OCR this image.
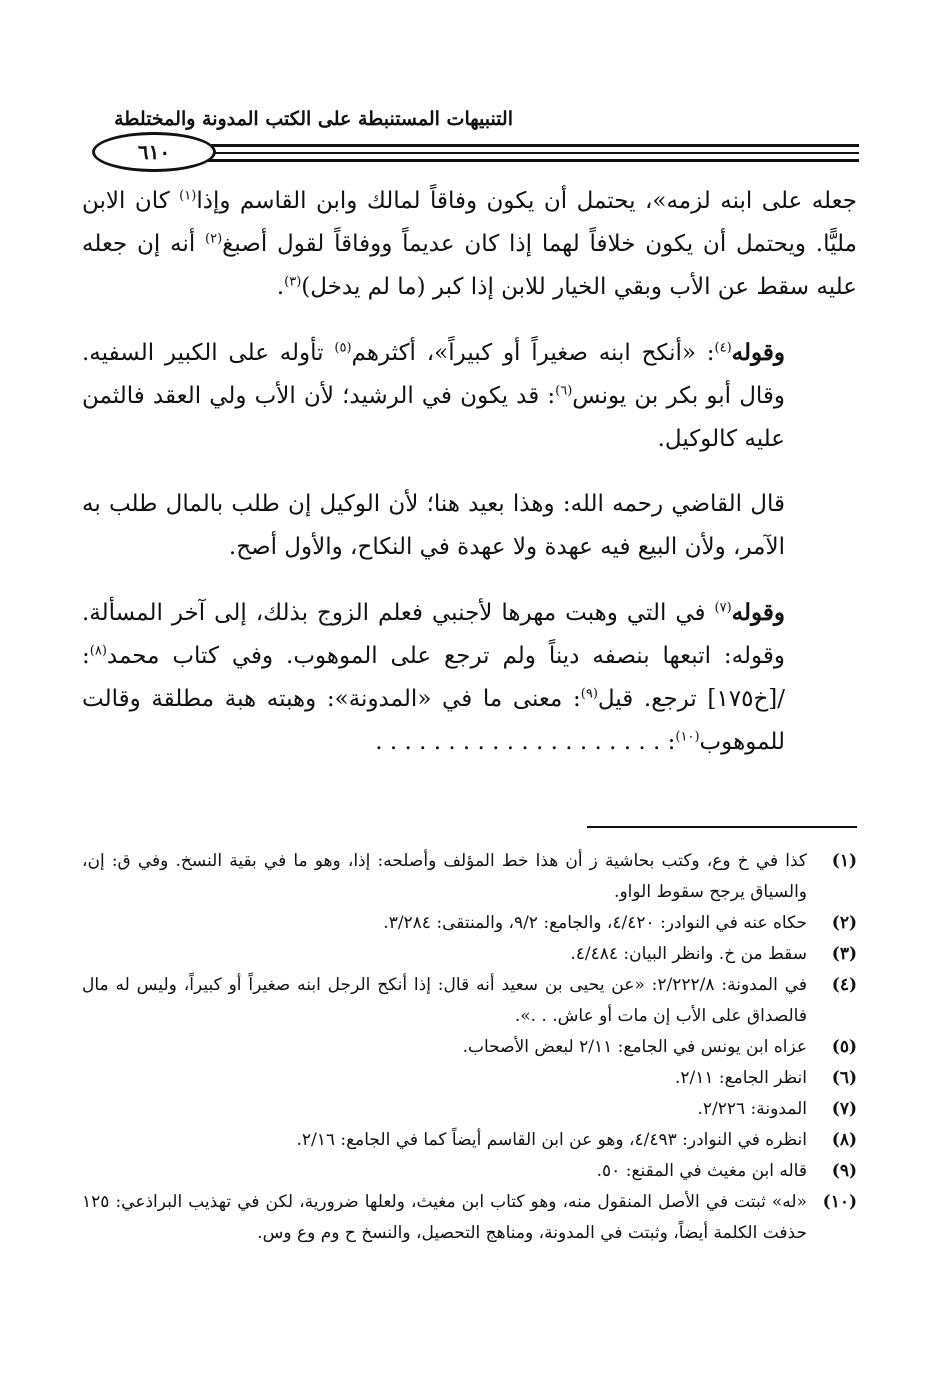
التنبيهات المستنبطة على الكتب المدونة والمختلطة
٦١٠

جعله على ابنه لزمه»، يحتمل أن يكون وفاقاً لمالك وابن القاسم وإذا$^{(١)}$ كان الابن مليًّا. ويحتمل أن يكون خلافاً لهما إذا كان عديماً ووفاقاً لقول أصبغ$^{(٢)}$ أنه إن جعله عليه سقط عن الأب وبقي الخيار للابن إذا كبر (ما لم يدخل)$^{(٣)}$.

وقوله$^{(٤)}$: «أنكح ابنه صغيراً أو كبيراً»، أكثرهم$^{(٥)}$ تأوله على الكبير السفيه. وقال أبو بكر بن يونس$^{(٦)}$: قد يكون في الرشيد؛ لأن الأب ولي العقد فالثمن عليه كالوكيل.

قال القاضي رحمه الله: وهذا بعيد هنا؛ لأن الوكيل إن طلب بالمال طلب به الآمر، ولأن البيع فيه عهدة ولا عهدة في النكاح، والأول أصح.

وقوله$^{(٧)}$ في التي وهبت مهرها لأجنبي فعلم الزوج بذلك، إلى آخر المسألة. وقوله: اتبعها بنصفه ديناً ولم ترجع على الموهوب. وفي كتاب محمد$^{(٨)}$: /[خ١٧٥] ترجع. قيل$^{(٩)}$: معنى ما في «المدونة»: وهبته هبة مطلقة وقالت للموهوب$^{(١٠)}$: . . . . . . . . . . . . . . . . . . . .

(١)
كذا في خ وع، وكتب بحاشية ز أن هذا خط المؤلف وأصلحه: إذا، وهو ما في بقية النسخ. وفي ق: إن، والسياق يرجح سقوط الواو.
(٢)
حكاه عنه في النوادر: ٤/٤٢٠، والجامع: ٩/٢، والمنتقى: ٣/٢٨٤.
(٣)
سقط من خ. وانظر البيان: ٤/٤٨٤.
(٤)
في المدونة: ٢/٢٢٢/٨: «عن يحيى بن سعيد أنه قال: إذا أنكح الرجل ابنه صغيراً أو كبيراً، وليس له مال فالصداق على الأب إن مات أو عاش. . .».
(٥)
عزاه ابن يونس في الجامع: ٢/١١ لبعض الأصحاب.
(٦)
انظر الجامع: ٢/١١.
(٧)
المدونة: ٢/٢٢٦.
(٨)
انظره في النوادر: ٤/٤٩٣، وهو عن ابن القاسم أيضاً كما في الجامع: ٢/١٦.
(٩)
قاله ابن مغيث في المقنع: ٥٠.
(١٠)
«له» ثبتت في الأصل المنقول منه، وهو كتاب ابن مغيث، ولعلها ضرورية، لكن في تهذيب البراذعي: ١٢٥ حذفت الكلمة أيضاً، وثبتت في المدونة، ومناهج التحصيل، والنسخ ح وم وع وس.
